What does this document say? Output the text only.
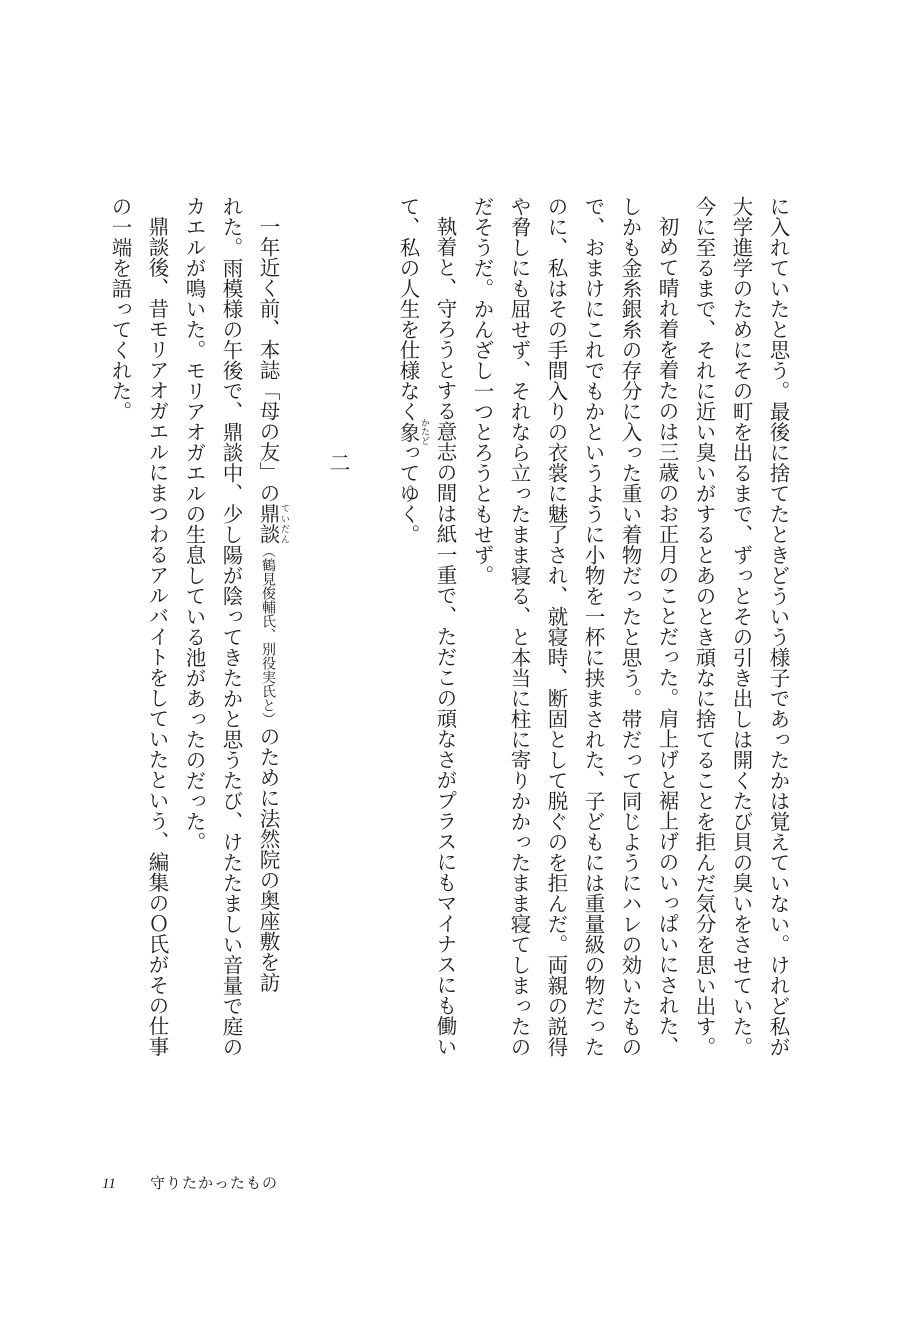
に入れていたと思う。最後に捨てたときどういう様子であったかは覚えていない。けれど私が
大学進学のためにその町を出るまで、ずっとその引き出しは開くたび貝の臭いをさせていた。
今に至るまで、それに近い臭いがするとあのとき頑なに捨てることを拒んだ気分を思い出す。
初めて晴れ着を着たのは三歳のお正月のことだった。肩上げと裾上げのいっぱいにされた、
しかも金糸銀糸の存分に入った重い着物だったと思う。帯だって同じようにハレの効いたもの
で、おまけにこれでもかというように小物を一杯に挟まされた、子どもには重量級の物だった
のに、私はその手間入りの衣裳に魅了され、就寝時、断固として脱ぐのを拒んだ。両親の説得
や脅しにも屈せず、それなら立ったまま寝る、と本当に柱に寄りかかったまま寝てしまったの
だそうだ。かんざし一つとろうともせず。
執着と、守ろうとする意志の間は紙一重で、ただこの頑なさがプラスにもマイナスにも働い
て、私の人生を仕様なく象 かたどってゆく。
二
一年近く前、本誌「母の友」の鼎談 ていだん（鶴見俊輔氏、別役実氏と）のために法然院の奥座敷を訪
れた。雨模様の午後で、鼎談中、少し陽が陰ってきたかと思うたび、けたたましい音量で庭の
カエルが鳴いた。モリアオガエルの生息している池があったのだった。
鼎談後、昔モリアオガエルにまつわるアルバイトをしていたという、編集のＯ氏がその仕事
の一端を語ってくれた。
11	守りたかったもの
